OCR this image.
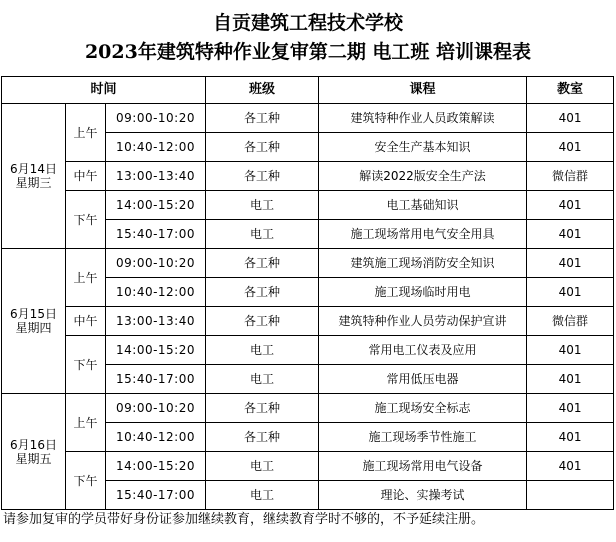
自贡建筑工程技术学校
2023年建筑特种作业复审第二期 电工班 培训课程表
时间			班级	课程	教室
6月14日
星期三	上午	09:00-10:20	各工种	建筑特种作业人员政策解读	401
		10:40-12:00	各工种	安全生产基本知识	401
	中午	13:00-13:40	各工种	解读2022版安全生产法	微信群
	下午	14:00-15:20	电工	电工基础知识	401
		15:40-17:00	电工	施工现场常用电气安全用具	401
6月15日
星期四	上午	09:00-10:20	各工种	建筑施工现场消防安全知识	401
		10:40-12:00	各工种	施工现场临时用电	401
	中午	13:00-13:40	各工种	建筑特种作业人员劳动保护宣讲	微信群
	下午	14:00-15:20	电工	常用电工仪表及应用	401
		15:40-17:00	电工	常用低压电器	401
6月16日
星期五	上午	09:00-10:20	各工种	施工现场安全标志	401
		10:40-12:00	各工种	施工现场季节性施工	401
	下午	14:00-15:20	电工	施工现场常用电气设备	401
		15:40-17:00	电工	理论、实操考试	
请参加复审的学员带好身份证参加继续教育，继续教育学时不够的，不予延续注册。
